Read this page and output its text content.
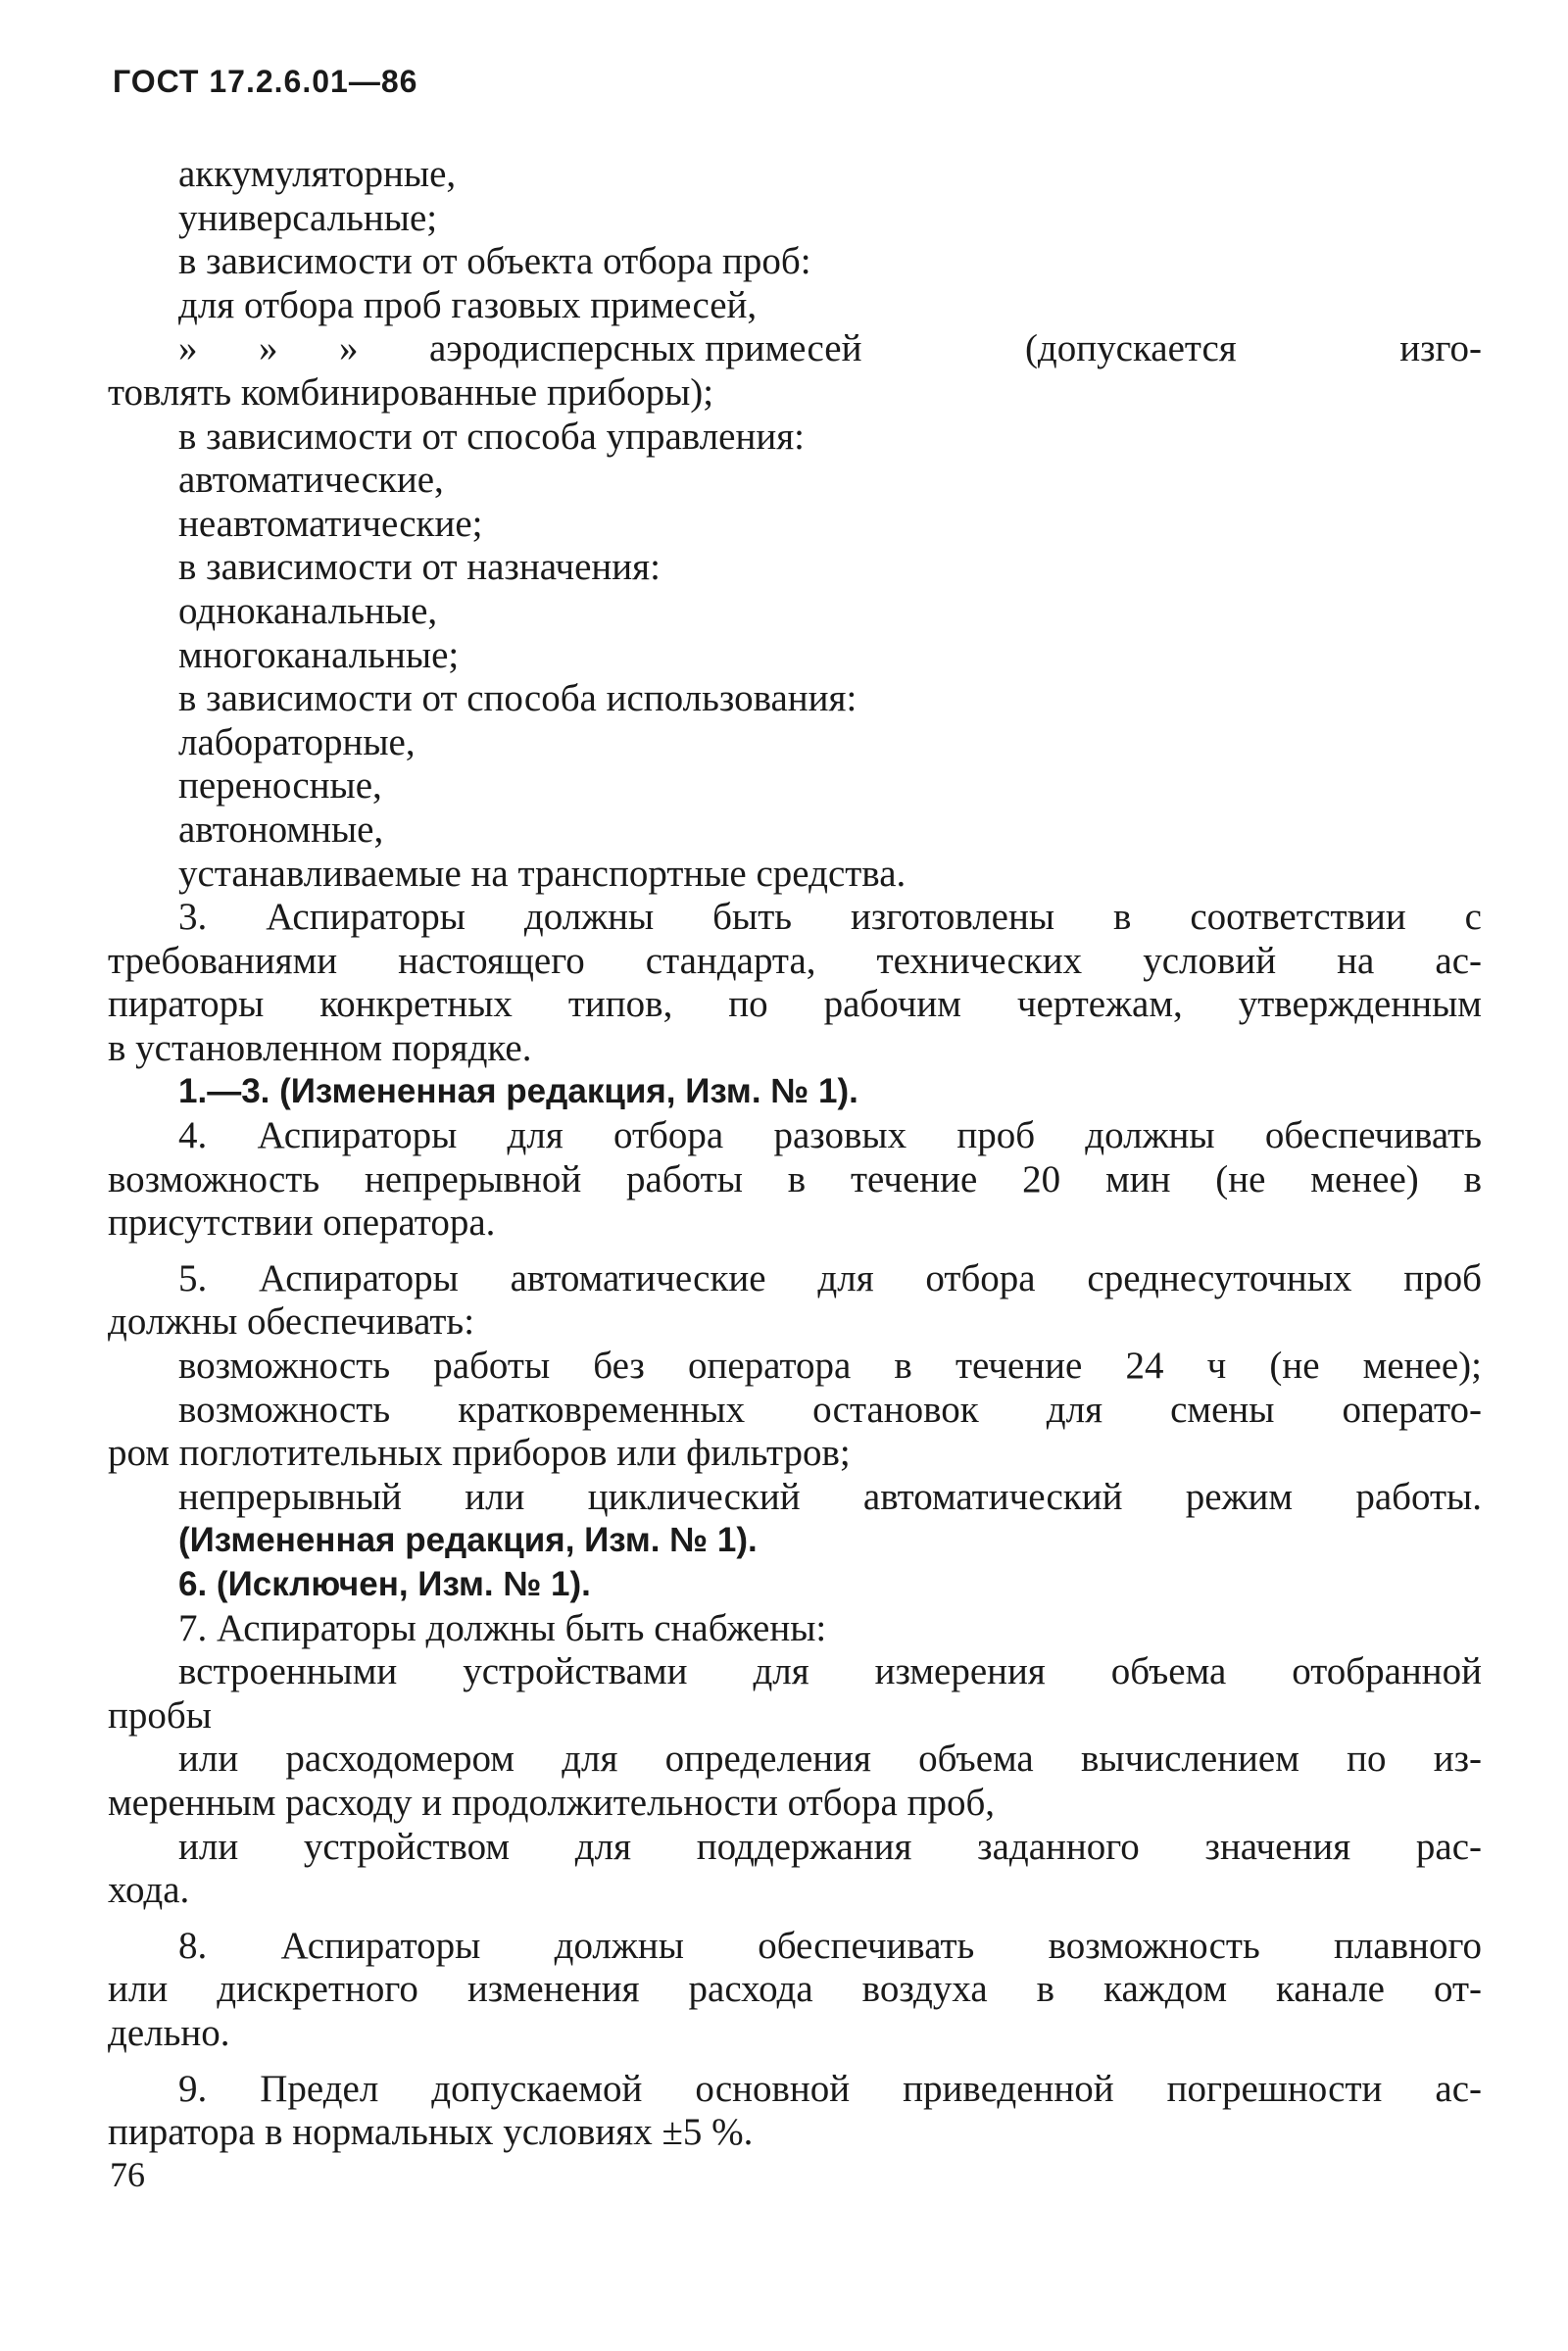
ГОСТ 17.2.6.01—86
аккумуляторные,
универсальные;
в зависимости от объекта отбора проб:
для отбора проб газовых примесей,
»	»	»	аэродисперсных примесей	(допускается	изго-
товлять комбинированные приборы);
в зависимости от способа управления:
автоматические,
неавтоматические;
в зависимости от назначения:
одноканальные,
многоканальные;
в зависимости от способа использования:
лабораторные,
переносные,
автономные,
устанавливаемые на транспортные средства.
3. Аспираторы должны быть изготовлены в соответствии с
требованиями настоящего стандарта, технических условий на ас-
пираторы конкретных типов, по рабочим чертежам, утвержденным
в установленном порядке.
1.—3. (Измененная редакция, Изм. № 1).
4. Аспираторы для отбора разовых проб должны обеспечивать
возможность непрерывной работы в течение 20 мин (не менее) в
присутствии оператора.
5. Аспираторы автоматические для отбора среднесуточных проб
должны обеспечивать:
возможность работы без оператора в течение 24 ч (не менее);
возможность кратковременных остановок для смены операто-
ром поглотительных приборов или фильтров;
непрерывный или циклический автоматический режим работы.
(Измененная редакция, Изм. № 1).
6. (Исключен, Изм. № 1).
7. Аспираторы должны быть снабжены:
встроенными устройствами для измерения объема отобранной
пробы
или расходомером для определения объема вычислением по из-
меренным расходу и продолжительности отбора проб,
или устройством для поддержания заданного значения рас-
хода.
8. Аспираторы должны обеспечивать возможность плавного
или дискретного изменения расхода воздуха в каждом канале от-
дельно.
9. Предел допускаемой основной приведенной погрешности ас-
пиратора в нормальных условиях ±5 %.
76
